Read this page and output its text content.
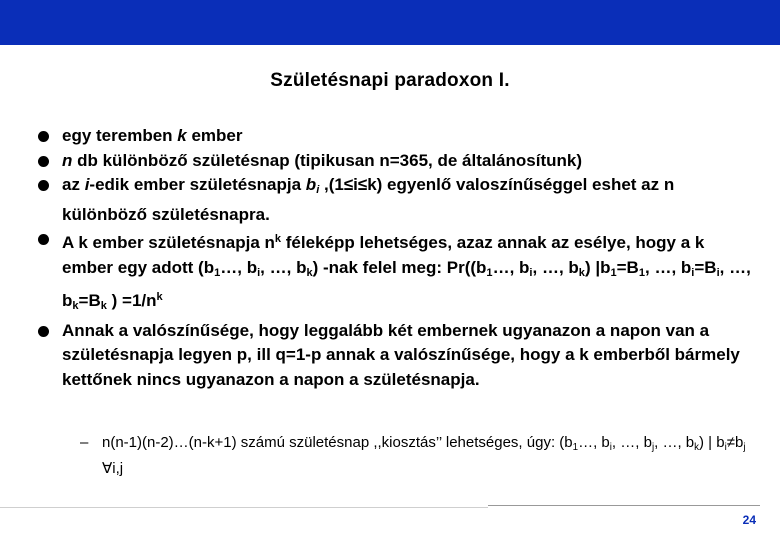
Születésnapi paradoxon I.
egy teremben k ember
n db különböző születésnap (tipikusan n=365, de általánosítunk)
az i-edik ember születésnapja $b_i$ ,(1≤i≤k) egyenlő valoszínűséggel eshet az n különböző születésnapra.
A k ember születésnapja $n^k$ féleképp lehetséges, azaz annak az esélye, hogy a k ember egy adott ($b_1\dots$, $b_i$, …, $b_k$) -nak felel meg: $Pr((b_1\dots$, $b_i$, …, $b_k$) $|b_1=B_1$, …, $b_i=B_i$, …, $b_k=B_k$ ) $=1/n^k$
Annak a valószínűsége, hogy leggalább két embernek ugyanazon a napon van a születésnapja legyen p, ill q=1-p annak a valószínűsége, hogy a k emberből bármely kettőnek nincs ugyanazon a napon a születésnapja.
– n(n-1)(n-2)…(n-k+1) számú születésnap ,,kiosztás’’ lehetséges, úgy: ($b_1\dots$, $b_i$, …, $b_j$, …, $b_k$) | $b_i\ne b_j$ ∀i,j
24
